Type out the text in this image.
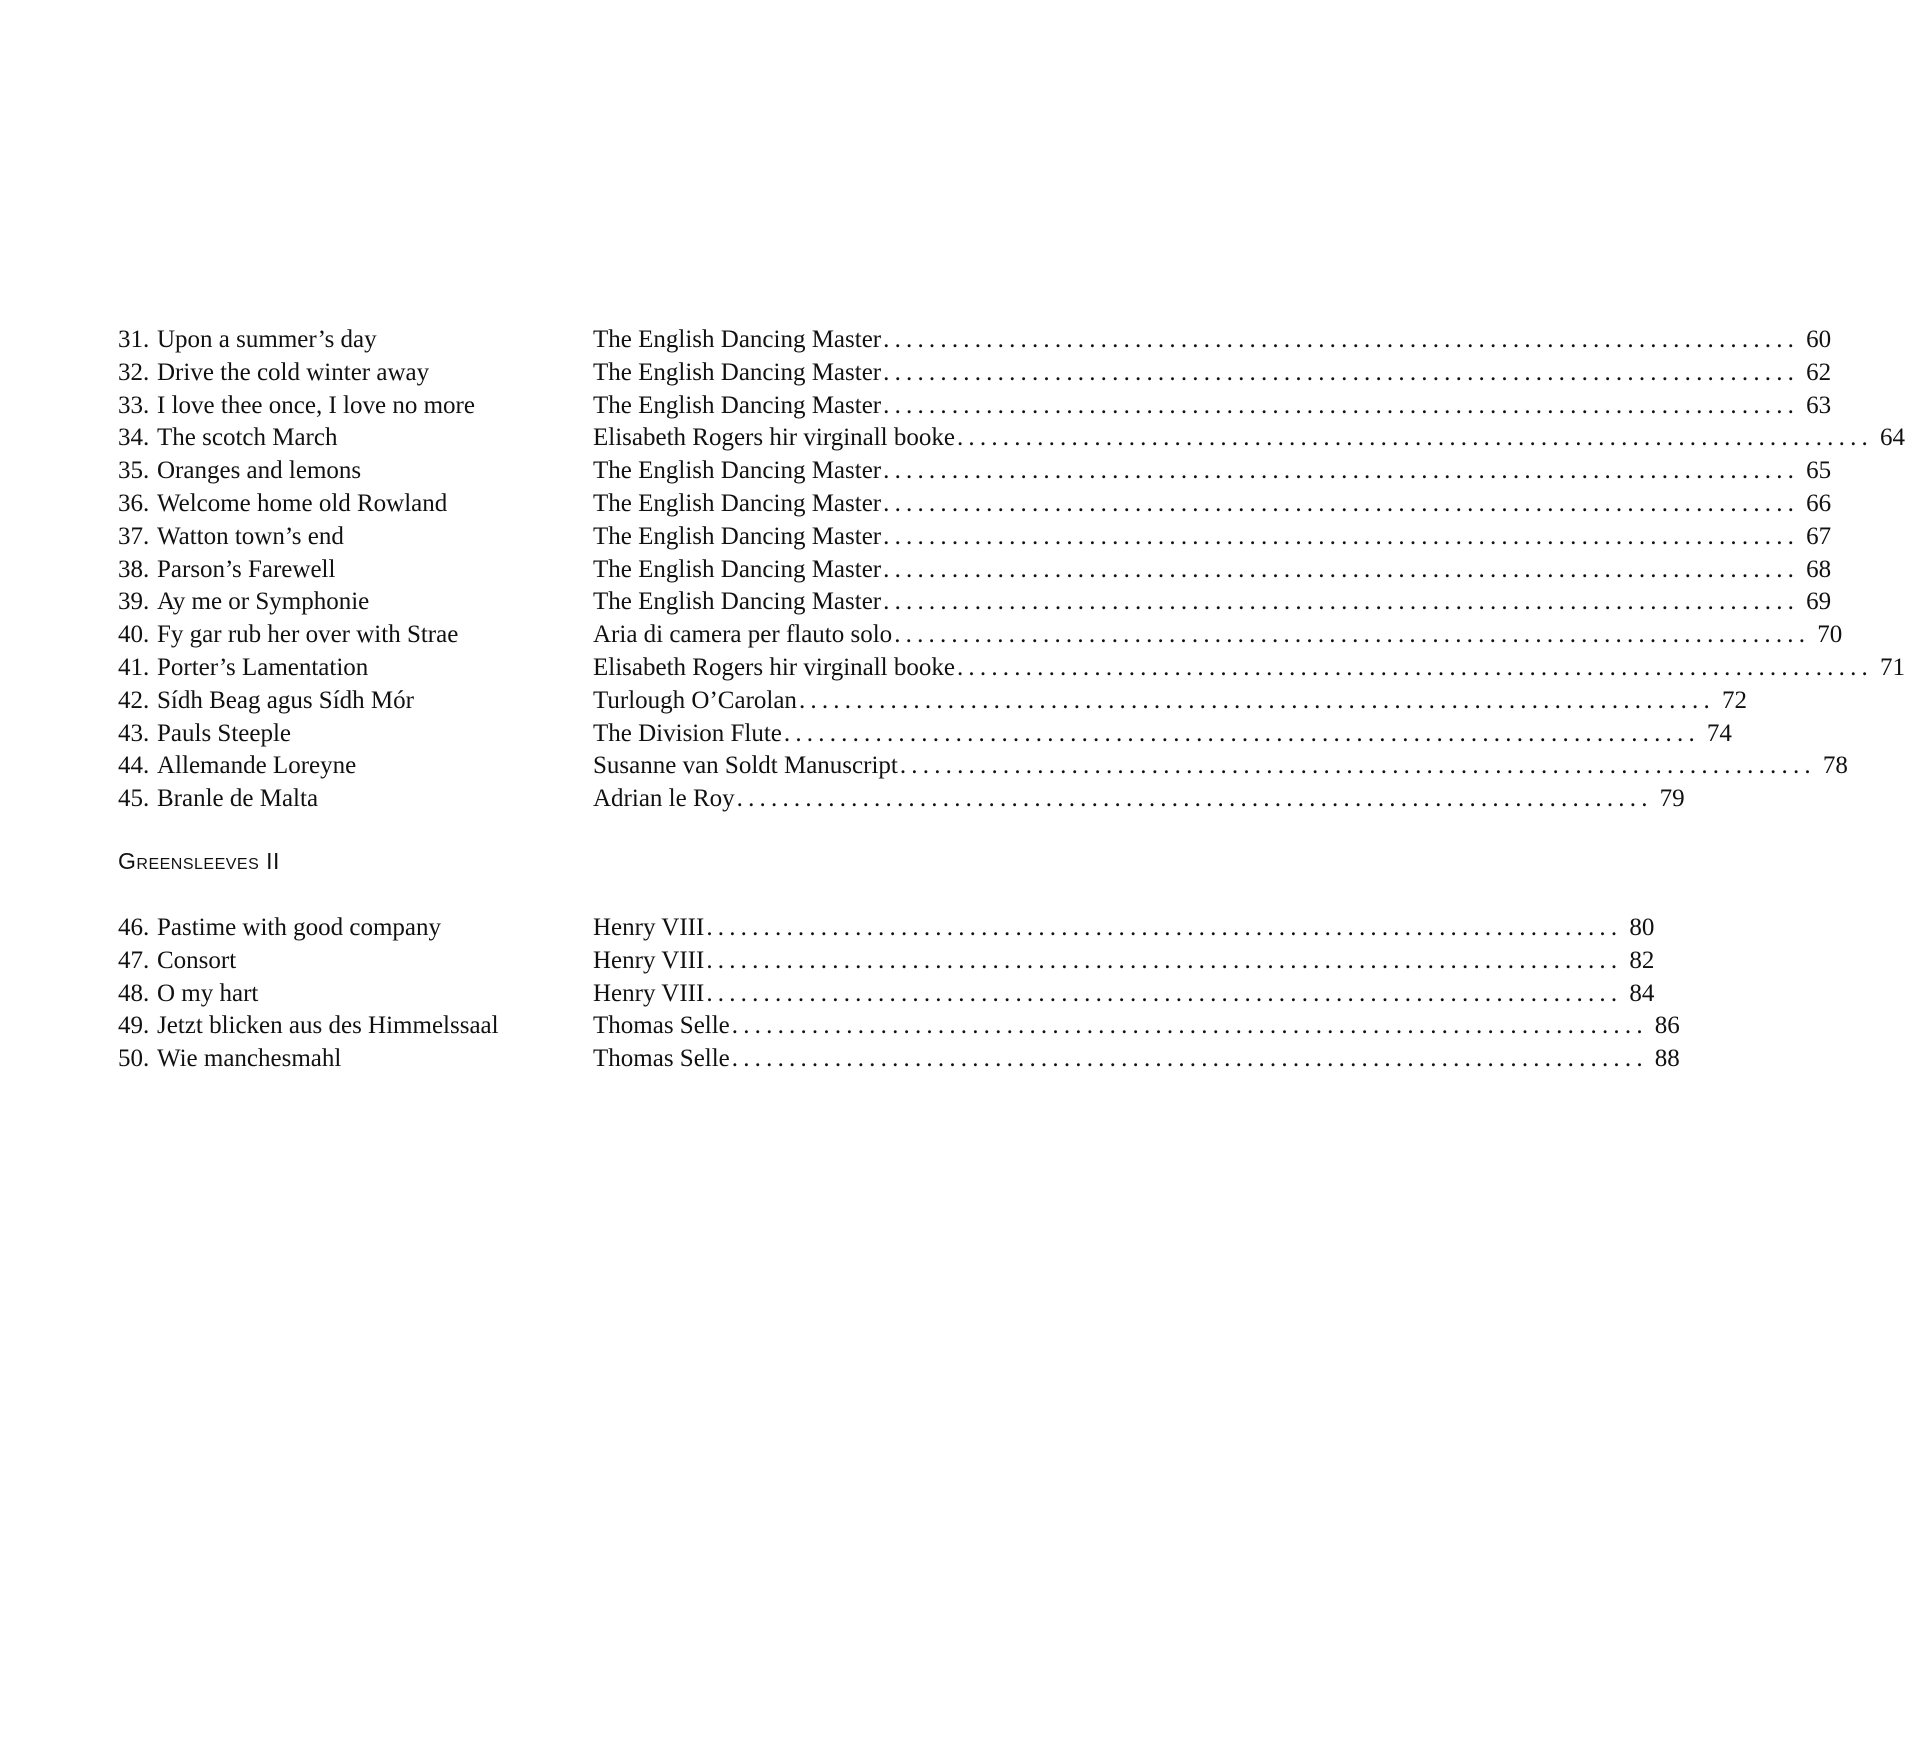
31. Upon a summer’s day	The English Dancing Master ................................................................................ 60
32. Drive the cold winter away	The English Dancing Master ................................................................................ 62
33. I love thee once, I love no more	The English Dancing Master ................................................................................ 63
34. The scotch March	Elisabeth Rogers hir virginall booke ................................................................................ 64
35. Oranges and lemons	The English Dancing Master ................................................................................ 65
36. Welcome home old Rowland	The English Dancing Master ................................................................................ 66
37. Watton town’s end	The English Dancing Master ................................................................................ 67
38. Parson’s Farewell	The English Dancing Master ................................................................................ 68
39. Ay me or Symphonie	The English Dancing Master ................................................................................ 69
40. Fy gar rub her over with Strae	Aria di camera per flauto solo ................................................................................ 70
41. Porter’s Lamentation	Elisabeth Rogers hir virginall booke ................................................................................ 71
42. Sídh Beag agus Sídh Mór	Turlough O’Carolan ................................................................................ 72
43. Pauls Steeple	The Division Flute ................................................................................ 74
44. Allemande Loreyne	Susanne van Soldt Manuscript ................................................................................ 78
45. Branle de Malta	Adrian le Roy ................................................................................ 79
Greensleeves II
46. Pastime with good company	Henry VIII ................................................................................ 80
47. Consort	Henry VIII ................................................................................ 82
48. O my hart	Henry VIII ................................................................................ 84
49. Jetzt blicken aus des Himmelssaal	Thomas Selle ................................................................................ 86
50. Wie manchesmahl	Thomas Selle ................................................................................ 88
